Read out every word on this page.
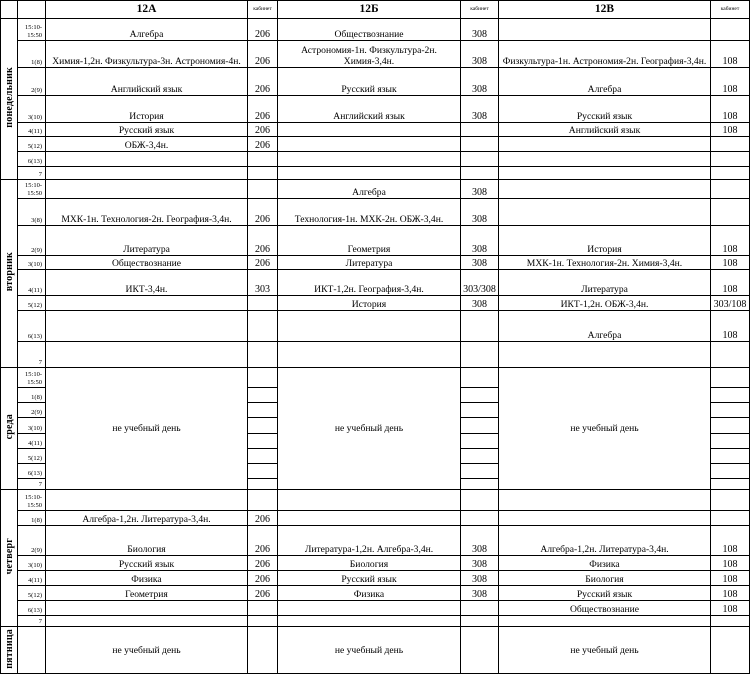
		12А	кабинет	12Б	кабинет	12В	кабинет
понедельник	15:10-15:50	Алгебра	206	Обществознание	308		
	1(8)	Химия-1,2н. Физкультура-3н. Астрономия-4н.	206	Астрономия-1н. Физкультура-2н. Химия-3,4н.	308	Физкультура-1н. Астрономия-2н. География-3,4н.	108
	2(9)	Английский язык	206	Русский язык	308	Алгебра	108
	3(10)	История	206	Английский язык	308	Русский язык	108
	4(11)	Русский язык	206			Английский язык	108
	5(12)	ОБЖ-3,4н.	206				
	6(13)						
	7						
вторник	15:10-15:50			Алгебра	308		
	3(8)	МХК-1н. Технология-2н. География-3,4н.	206	Технология-1н. МХК-2н. ОБЖ-3,4н.	308		
	2(9)	Литература	206	Геометрия	308	История	108
	3(10)	Обществознание	206	Литература	308	МХК-1н. Технология-2н. Химия-3,4н.	108
	4(11)	ИКТ-3,4н.	303	ИКТ-1,2н. География-3,4н.	303/308	Литература	108
	5(12)			История	308	ИКТ-1,2н. ОБЖ-3,4н.	303/108
	6(13)					Алгебра	108
	7						
среда	15:10-15:50	не учебный день		не учебный день		не учебный день	
	1(8)						
	2(9)						
	3(10)						
	4(11)						
	5(12)						
	6(13)						
	7						
четверг	15:10-15:50						
	1(8)	Алгебра-1,2н. Литература-3,4н.	206				
	2(9)	Биология	206	Литература-1,2н. Алгебра-3,4н.	308	Алгебра-1,2н. Литература-3,4н.	108
	3(10)	Русский язык	206	Биология	308	Физика	108
	4(11)	Физика	206	Русский язык	308	Биология	108
	5(12)	Геометрия	206	Физика	308	Русский язык	108
	6(13)					Обществознание	108
	7						
пятница		не учебный день		не учебный день		не учебный день	
